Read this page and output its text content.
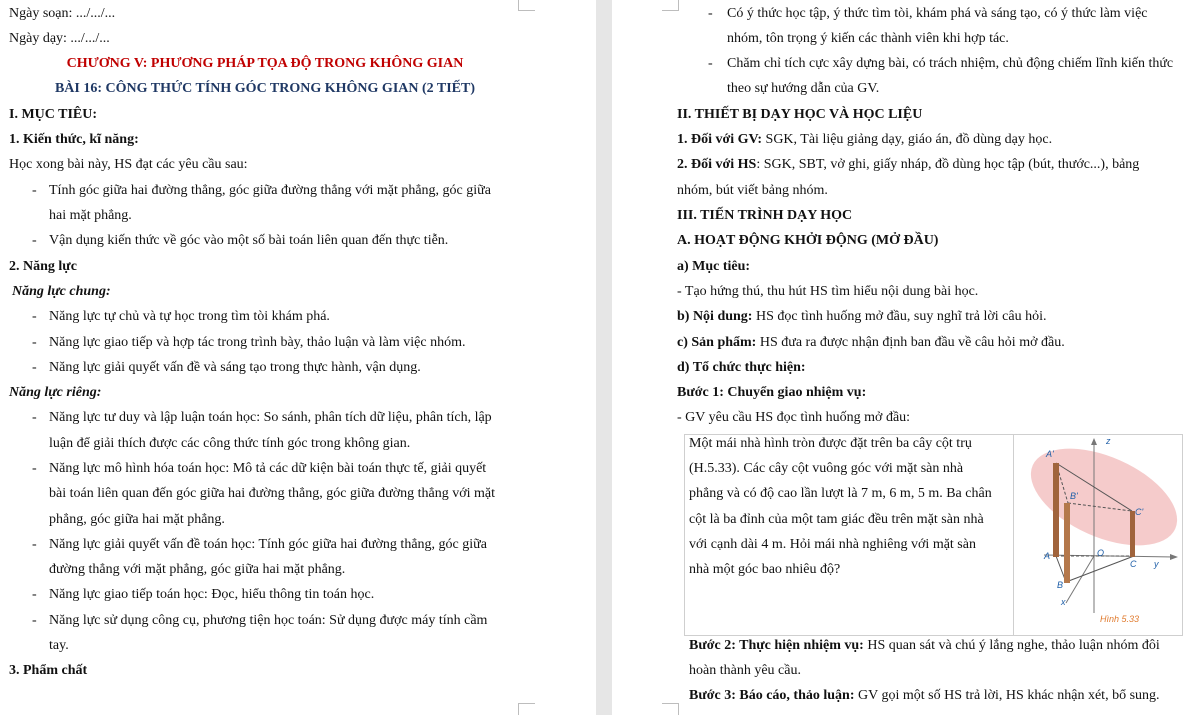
Ngày soạn: .../.../...
Ngày dạy: .../.../...
CHƯƠNG V: PHƯƠNG PHÁP TỌA ĐỘ TRONG KHÔNG GIAN
BÀI 16: CÔNG THỨC TÍNH GÓC TRONG KHÔNG GIAN (2 TIẾT)
I. MỤC TIÊU:
1. Kiến thức, kĩ năng:
Học xong bài này, HS đạt các yêu cầu sau:
- Tính góc giữa hai đường thẳng, góc giữa đường thẳng với mặt phẳng, góc giữa
hai mặt phẳng.
- Vận dụng kiến thức về góc vào một số bài toán liên quan đến thực tiễn.
2. Năng lực
Năng lực chung:
- Năng lực tự chủ và tự học trong tìm tòi khám phá.
- Năng lực giao tiếp và hợp tác trong trình bày, thảo luận và làm việc nhóm.
- Năng lực giải quyết vấn đề và sáng tạo trong thực hành, vận dụng.
Năng lực riêng:
- Năng lực tư duy và lập luận toán học: So sánh, phân tích dữ liệu, phân tích, lập
luận để giải thích được các công thức tính góc trong không gian.
- Năng lực mô hình hóa toán học: Mô tả các dữ kiện bài toán thực tế, giải quyết
bài toán liên quan đến góc giữa hai đường thẳng, góc giữa đường thẳng với mặt
phẳng, góc giữa hai mặt phẳng.
- Năng lực giải quyết vấn đề toán học: Tính góc giữa hai đường thẳng, góc giữa
đường thẳng với mặt phẳng, góc giữa hai mặt phẳng.
- Năng lực giao tiếp toán học: Đọc, hiểu thông tin toán học.
- Năng lực sử dụng công cụ, phương tiện học toán: Sử dụng được máy tính cầm
tay.
3. Phẩm chất
-	Có ý thức học tập, ý thức tìm tòi, khám phá và sáng tạo, có ý thức làm việc
nhóm, tôn trọng ý kiến các thành viên khi hợp tác.
-	Chăm chỉ tích cực xây dựng bài, có trách nhiệm, chủ động chiếm lĩnh kiến thức
theo sự hướng dẫn của GV.
II. THIẾT BỊ DẠY HỌC VÀ HỌC LIỆU
1. Đối với GV: SGK, Tài liệu giảng dạy, giáo án, đồ dùng dạy học.
2. Đối với HS: SGK, SBT, vở ghi, giấy nháp, đồ dùng học tập (bút, thước...), bảng
nhóm, bút viết bảng nhóm.
III. TIẾN TRÌNH DẠY HỌC
A. HOẠT ĐỘNG KHỞI ĐỘNG (MỞ ĐẦU)
a) Mục tiêu:
- Tạo hứng thú, thu hút HS tìm hiểu nội dung bài học.
b) Nội dung: HS đọc tình huống mở đầu, suy nghĩ trả lời câu hỏi.
c) Sản phẩm: HS đưa ra được nhận định ban đầu về câu hỏi mở đầu.
d) Tổ chức thực hiện:
Bước 1: Chuyển giao nhiệm vụ:
- GV yêu cầu HS đọc tình huống mở đầu:
Một mái nhà hình tròn được đặt trên ba cây cột trụ
(H.5.33). Các cây cột vuông góc với mặt sàn nhà
phẳng và có độ cao lần lượt là 7 m, 6 m, 5 m. Ba chân
cột là ba đỉnh của một tam giác đều trên mặt sàn nhà
với cạnh dài 4 m. Hỏi mái nhà nghiêng với mặt sàn
nhà một góc bao nhiêu độ?
Bước 2: Thực hiện nhiệm vụ: HS quan sát và chú ý lắng nghe, thảo luận nhóm đôi
hoàn thành yêu cầu.
Bước 3: Báo cáo, thảo luận: GV gọi một số HS trả lời, HS khác nhận xét, bổ sung.
z
A'
B'
C'
A	O
C y
B
x
Hình 5.33
